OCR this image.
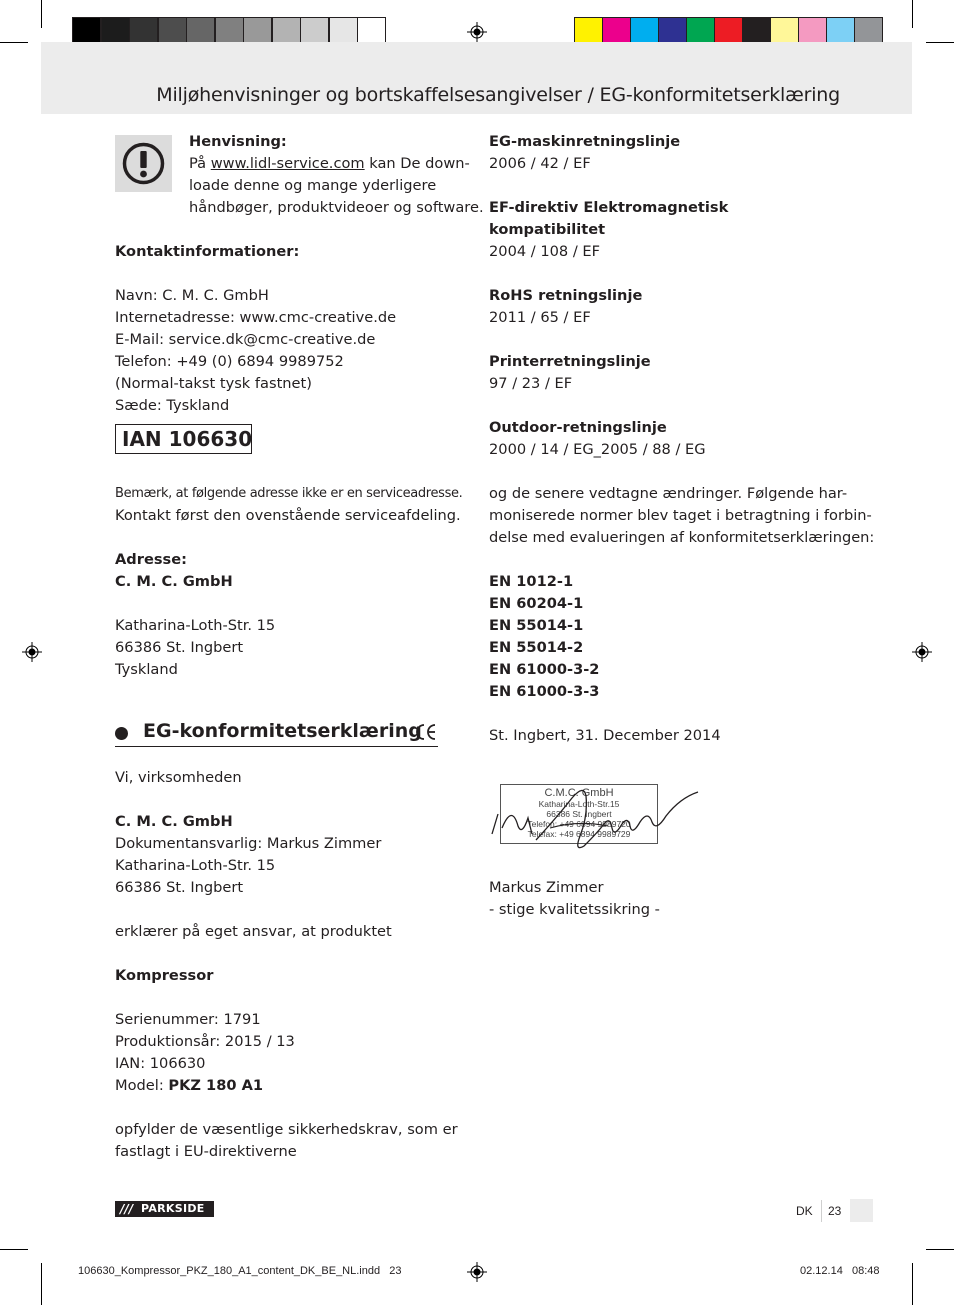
Miljøhenvisninger og bortskaffelsesangivelser / EG-konformitetserklæring

Henvisning:

På www.lidl-service.com kan De down-

loade denne og mange yderligere

håndbøger, produktvideoer og software.

Kontaktinformationer:

Navn: C. M. C. GmbH

Internetadresse: www.cmc-creative.de

E-Mail: service.dk@cmc-creative.de

Telefon: +49 (0) 6894 9989752

(Normal-takst tysk fastnet)

Sæde: Tyskland

IAN 106630

Bemærk, at følgende adresse ikke er en serviceadresse.

Kontakt først den ovenstående serviceafdeling.

Adresse:

C. M. C. GmbH

Katharina-Loth-Str. 15

66386 St. Ingbert

Tyskland

EG-konformitetserklæring

Vi, virksomheden

C. M. C. GmbH

Dokumentansvarlig: Markus Zimmer

Katharina-Loth-Str. 15

66386 St. Ingbert

erklærer på eget ansvar, at produktet

Kompressor

Serienummer: 1791

Produktionsår: 2015 / 13

IAN: 106630

Model: PKZ 180 A1

opfylder de væsentlige sikkerhedskrav, som er

fastlagt i EU-direktiverne

EG-maskinretningslinje

2006 / 42 / EF

EF-direktiv Elektromagnetisk

kompatibilitet

2004 / 108 / EF

RoHS retningslinje

2011 / 65 / EF

Printerretningslinje

97 / 23 / EF

Outdoor-retningslinje

2000 / 14 / EG_2005 / 88 / EG

og de senere vedtagne ændringer. Følgende har-

moniserede normer blev taget i betragtning i forbin-

delse med evalueringen af konformitetserklæringen:

EN 1012-1

EN 60204-1

EN 55014-1

EN 55014-2

EN 61000-3-2

EN 61000-3-3

St. Ingbert, 31. December 2014

C.M.C. GmbH
Katharina-Loth-Str.15
66386 St. Ingbert
Telefon: +49 6894 9989720
Telefax: +49 6894 9989729

Markus Zimmer

- stige kvalitetssikring -

/// PARKSIDE	DK 23
106630_Kompressor_PKZ_180_A1_content_DK_BE_NL.indd   23	02.12.14   08:48
